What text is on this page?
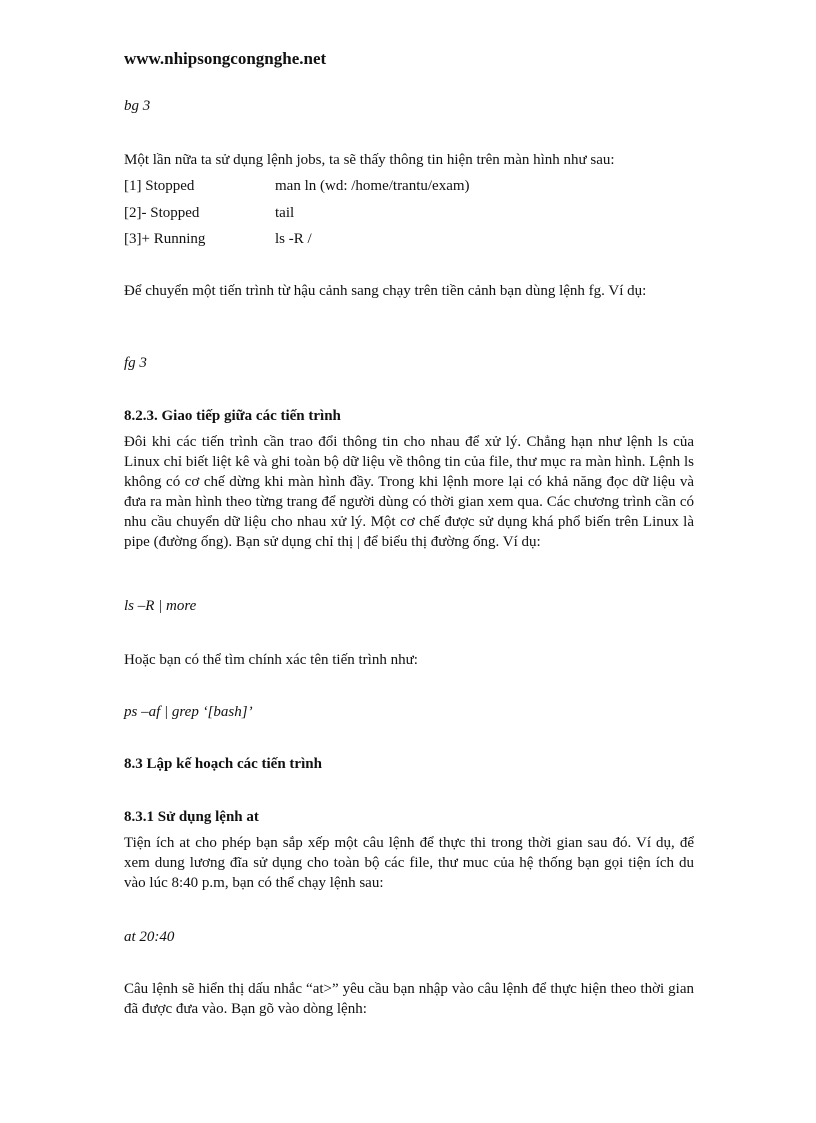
www.nhipsongcongnghe.net
bg 3
Một lần nữa ta sử dụng lệnh jobs, ta sẽ thấy thông tin hiện trên màn hình như sau:
[1] Stopped	man ln (wd: /home/trantu/exam)
[2]- Stopped	tail
[3]+ Running	ls -R /
Để chuyển một tiến trình từ hậu cảnh sang chạy trên tiền cảnh bạn dùng lệnh fg. Ví dụ:
fg 3
8.2.3. Giao tiếp giữa các tiến trình
Đôi khi các tiến trình cần trao đổi thông tin cho nhau để xử lý. Chẳng hạn như lệnh ls của Linux chỉ biết liệt kê và ghi toàn bộ dữ liệu về thông tin của file, thư mục ra màn hình. Lệnh ls không có cơ chế dừng khi màn hình đầy. Trong khi lệnh more lại có khả năng đọc dữ liệu và đưa ra màn hình theo từng trang để người dùng có thời gian xem qua. Các chương trình cần có nhu cầu chuyển dữ liệu cho nhau xử lý. Một cơ chế được sử dụng khá phổ biến trên Linux là pipe (đường ống). Bạn sử dụng chỉ thị | để biểu thị đường ống. Ví dụ:
ls –R | more
Hoặc bạn có thể tìm chính xác tên tiến trình như:
ps –af | grep ‘[bash]’
8.3 Lập kế hoạch các tiến trình
8.3.1 Sử dụng lệnh at
Tiện ích at cho phép bạn sắp xếp một câu lệnh để thực thi trong thời gian sau đó. Ví dụ, để xem dung lương đĩa sử dụng cho toàn bộ các file, thư muc của hệ thống bạn gọi tiện ích du vào lúc 8:40 p.m, bạn có thể chạy lệnh sau:
at 20:40
Câu lệnh sẽ hiển thị dấu nhắc “at>” yêu cầu bạn nhập vào câu lệnh để thực hiện theo thời gian đã được đưa vào. Bạn gõ vào dòng lệnh:
